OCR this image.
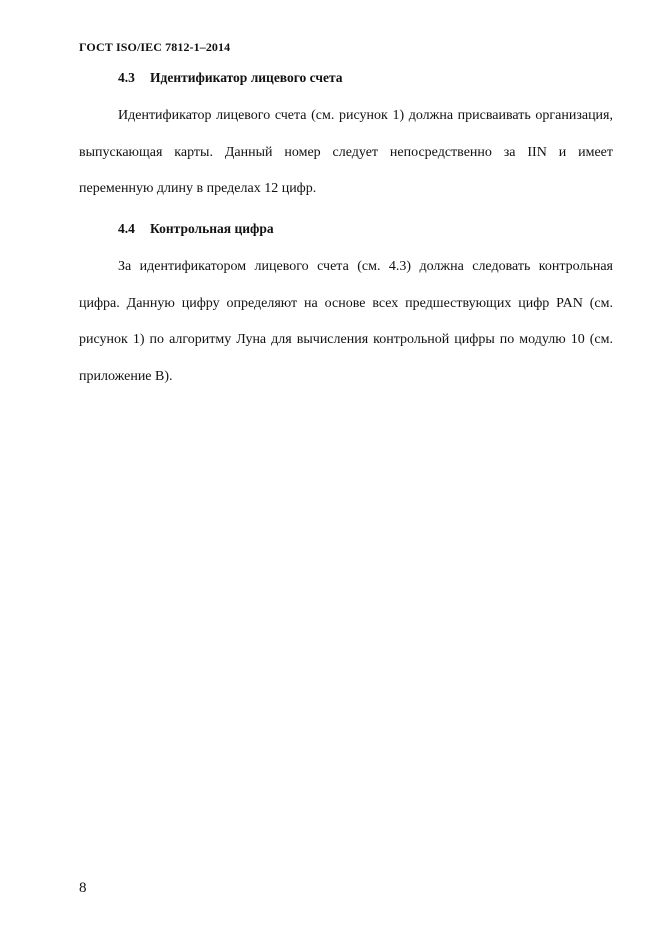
ГОСТ ISO/IEC 7812-1–2014
4.3 Идентификатор лицевого счета

Идентификатор лицевого счета (см. рисунок 1) должна присваивать организация, выпускающая карты. Данный номер следует непосредственно за IIN и имеет переменную длину в пределах 12 цифр.

4.4 Контрольная цифра

За идентификатором лицевого счета (см. 4.3) должна следовать контрольная цифра. Данную цифру определяют на основе всех предшествующих цифр PAN (см. рисунок 1) по алгоритму Луна для вычисления контрольной цифры по модулю 10 (см. приложение В).

8
